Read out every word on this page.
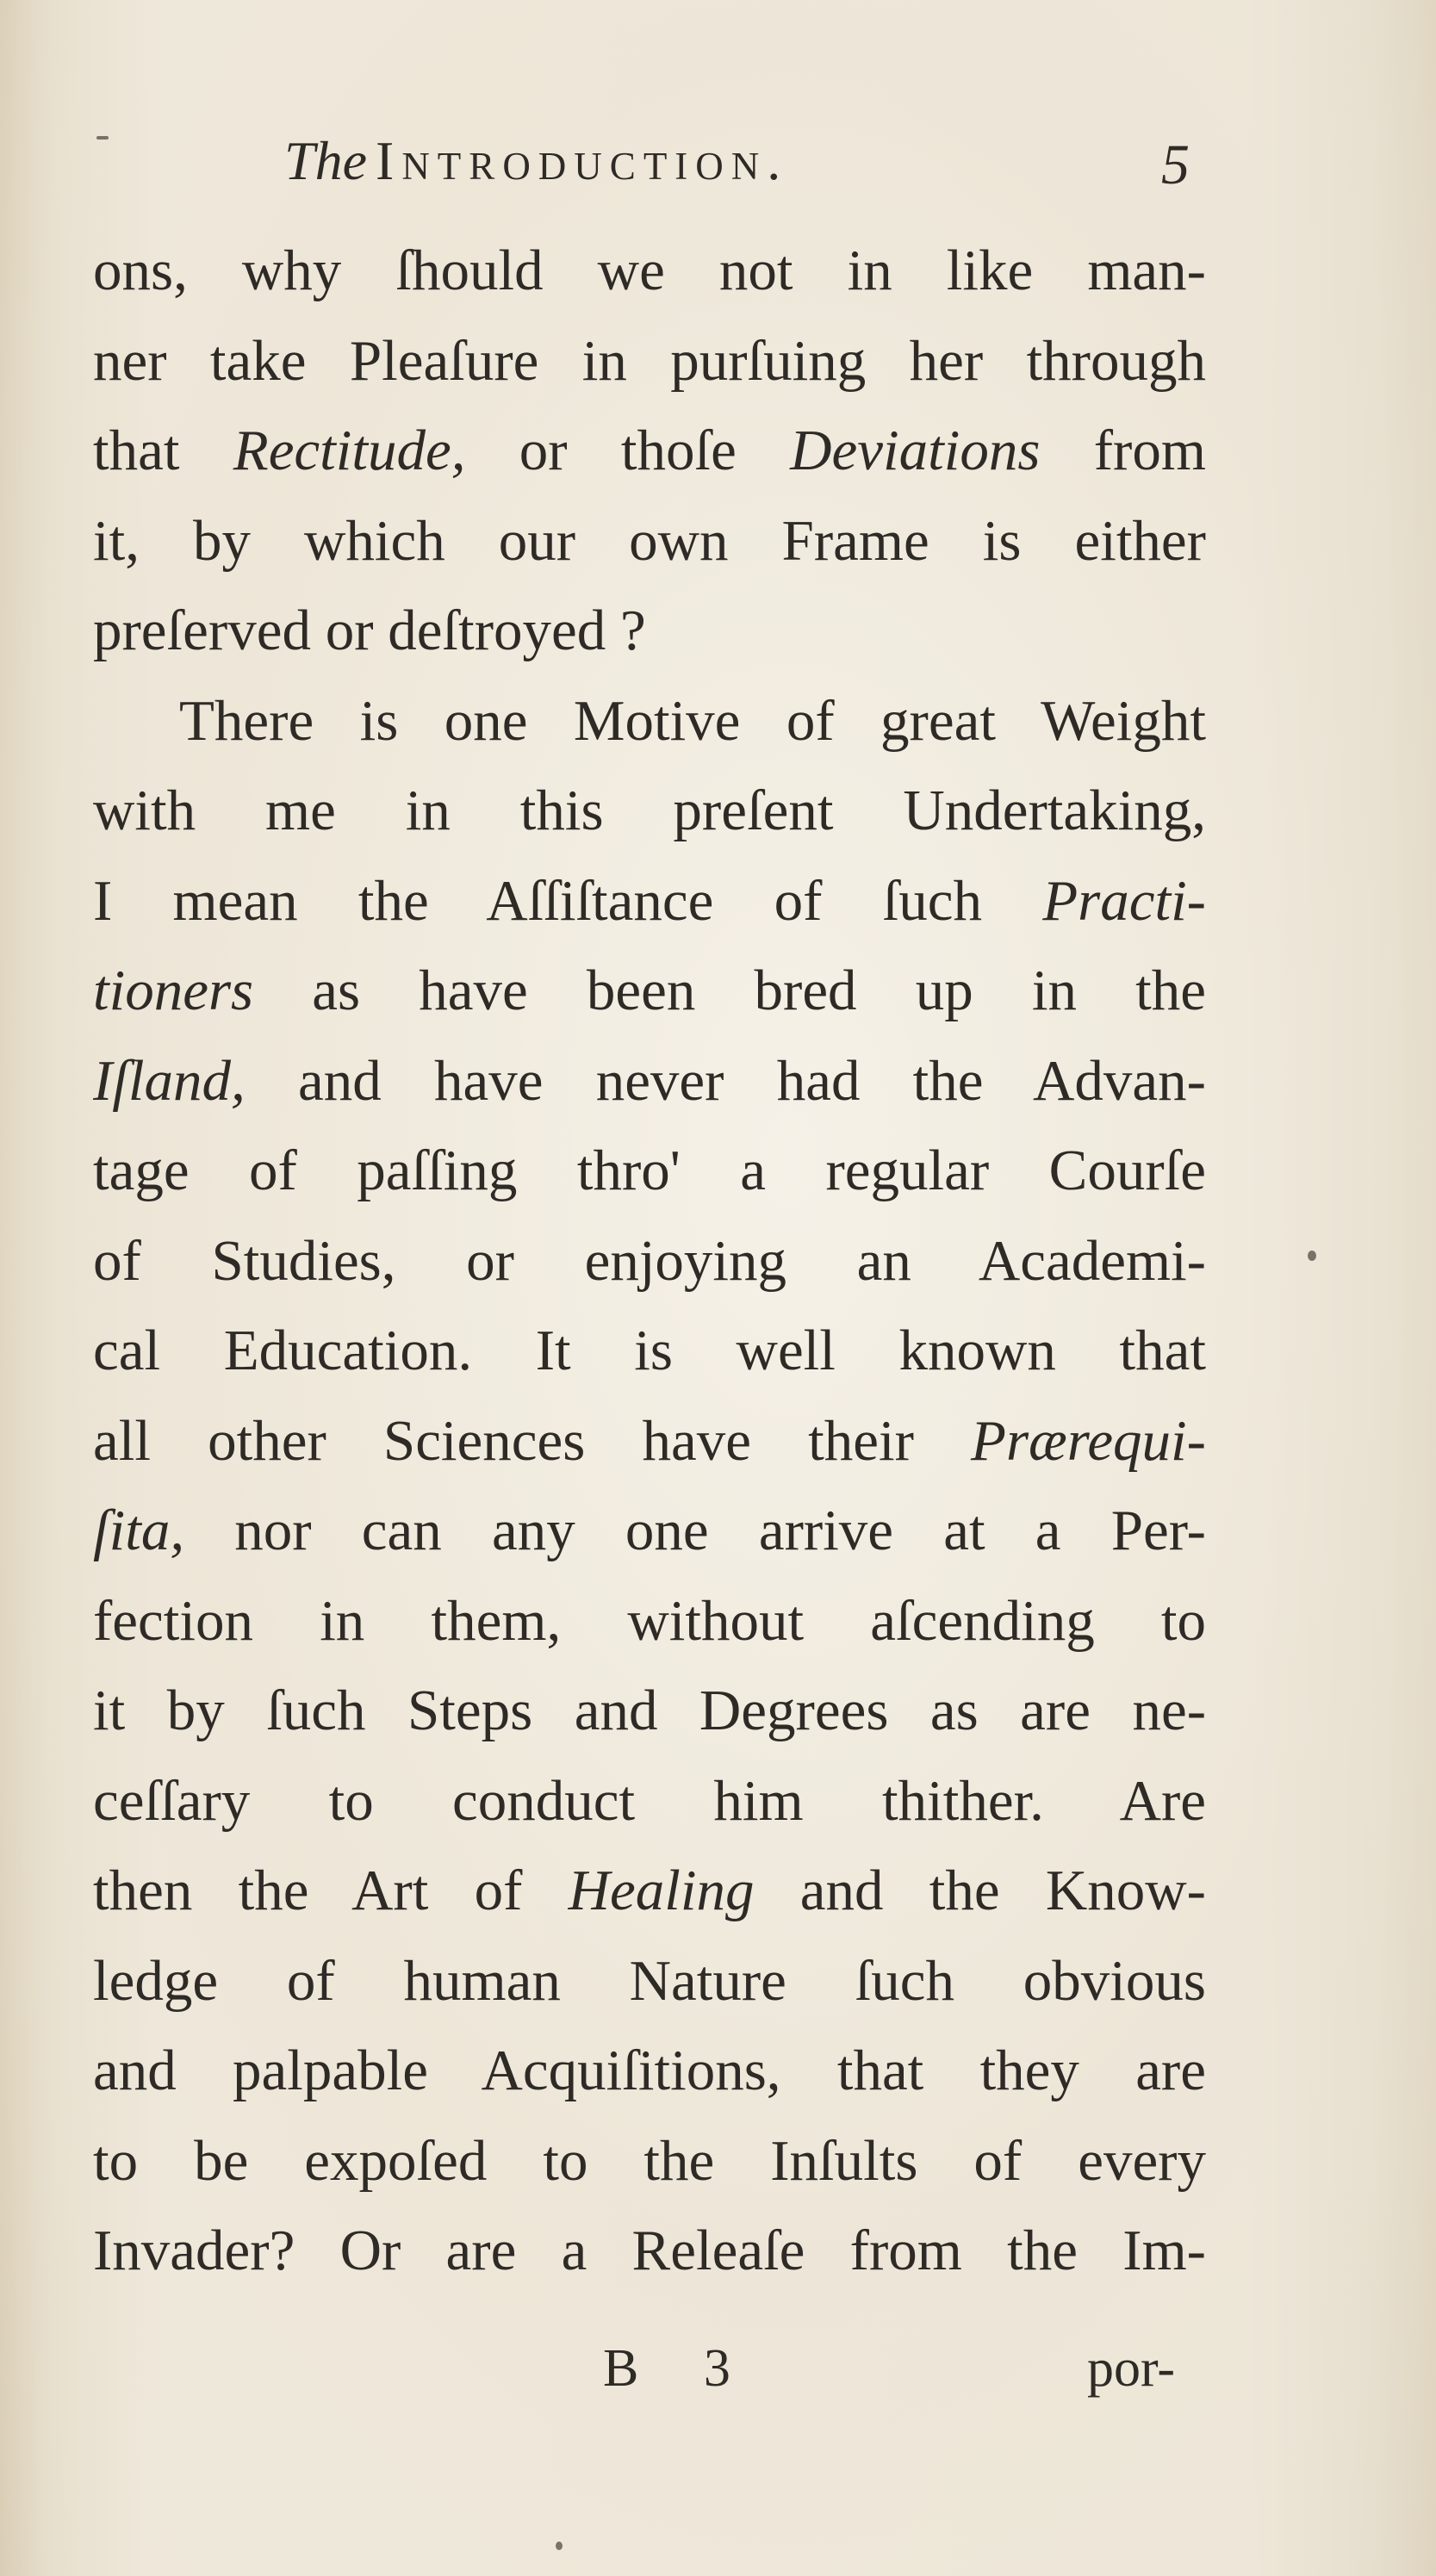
The Introduction.	5
ons, why ſhould we not in like man-
ner take Pleaſure in purſuing her through
that Rectitude, or thoſe Deviations from
it, by which our own Frame is either
preſerved or deſtroyed ?
There is one Motive of great Weight
with me in this preſent Undertaking,
I mean the Aſſiſtance of ſuch Practi-
tioners as have been bred up in the
Iſland, and have never had the Advan-
tage of paſſing thro' a regular Courſe
of Studies, or enjoying an Academi-
cal Education. It is well known that
all other Sciences have their Prærequi-
ſita, nor can any one arrive at a Per-
fection in them, without aſcending to
it by ſuch Steps and Degrees as are ne-
ceſſary to conduct him thither. Are
then the Art of Healing and the Know-
ledge of human Nature ſuch obvious
and palpable Acquiſitions, that they are
to be expoſed to the Inſults of every
Invader? Or are a Releaſe from the Im-
B 3	por-
